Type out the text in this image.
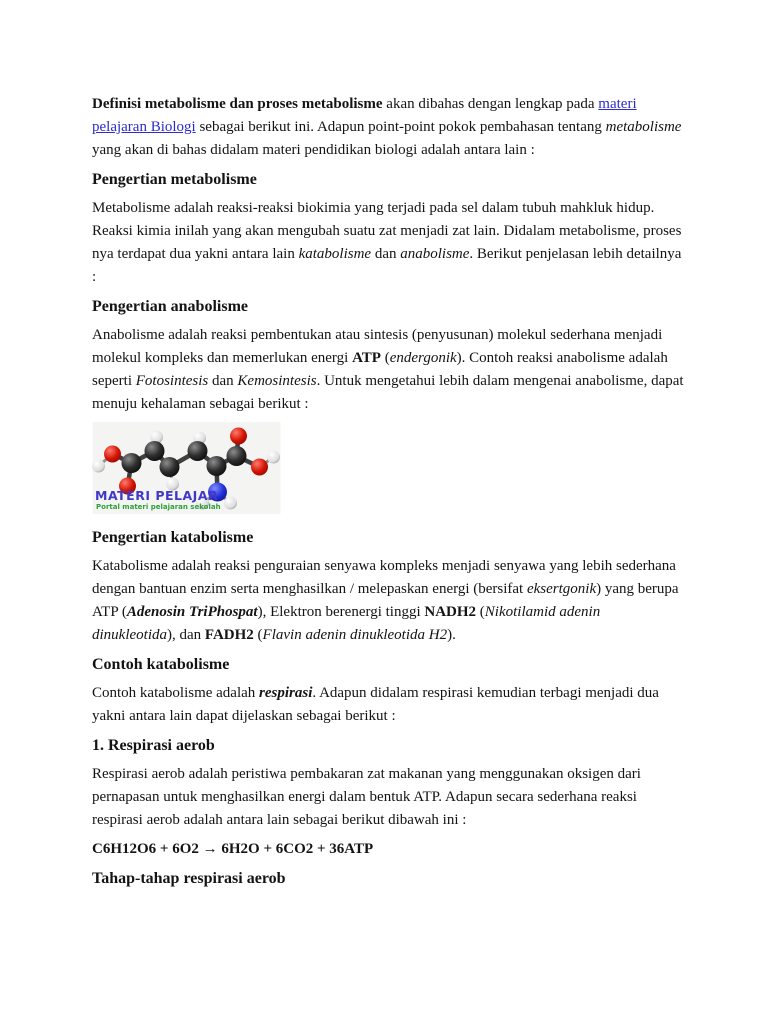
Definisi metabolisme dan proses metabolisme akan dibahas dengan lengkap pada materi pelajaran Biologi sebagai berikut ini. Adapun point-point pokok pembahasan tentang metabolisme yang akan di bahas didalam materi pendidikan biologi adalah antara lain :

Pengertian metabolisme

Metabolisme adalah reaksi-reaksi biokimia yang terjadi pada sel dalam tubuh mahkluk hidup. Reaksi kimia inilah yang akan mengubah suatu zat menjadi zat lain. Didalam metabolisme, proses nya terdapat dua yakni antara lain katabolisme dan anabolisme. Berikut penjelasan lebih detailnya :

Pengertian anabolisme

Anabolisme adalah reaksi pembentukan atau sintesis (penyusunan) molekul sederhana menjadi molekul kompleks dan memerlukan energi ATP (endergonik). Contoh reaksi anabolisme adalah seperti Fotosintesis dan Kemosintesis. Untuk mengetahui lebih dalam mengenai anabolisme, dapat menuju kehalaman sebagai berikut :

MATERI PELAJAR
Portal materi pelajaran sekolah
Pengertian katabolisme

Katabolisme adalah reaksi penguraian senyawa kompleks menjadi senyawa yang lebih sederhana dengan bantuan enzim serta menghasilkan / melepaskan energi (bersifat eksertgonik) yang berupa ATP (Adenosin TriPhospat), Elektron berenergi tinggi NADH2 (Nikotilamid adenin dinukleotida), dan FADH2 (Flavin adenin dinukleotida H2).

Contoh katabolisme

Contoh katabolisme adalah respirasi. Adapun didalam respirasi kemudian terbagi menjadi dua yakni antara lain dapat dijelaskan sebagai berikut :

1. Respirasi aerob

Respirasi aerob adalah peristiwa pembakaran zat makanan yang menggunakan oksigen dari pernapasan untuk menghasilkan energi dalam bentuk ATP. Adapun secara sederhana reaksi respirasi aerob adalah antara lain sebagai berikut dibawah ini :

C6H12O6 + 6O2 → 6H2O + 6CO2 + 36ATP

Tahap-tahap respirasi aerob
